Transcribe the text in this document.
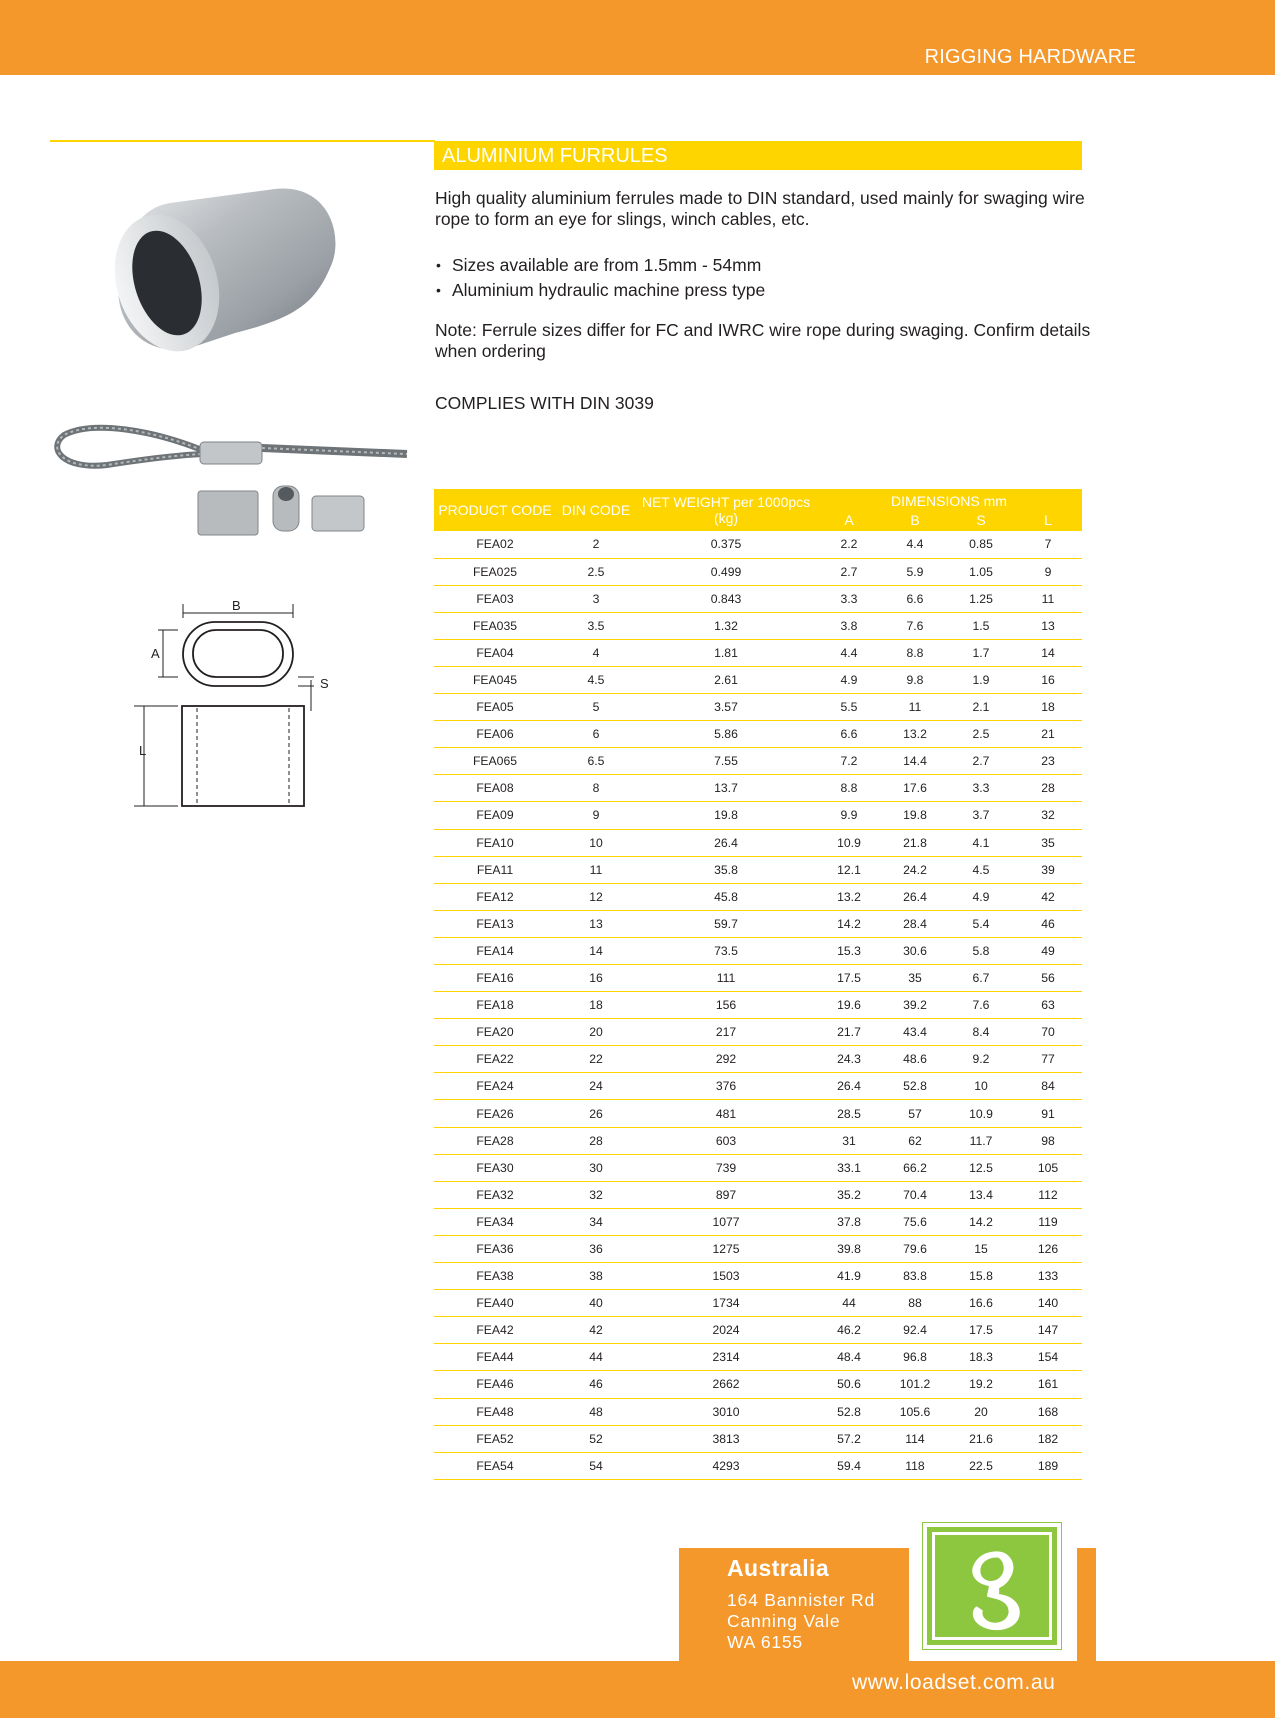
RIGGING HARDWARE
ALUMINIUM FURRULES

High quality aluminium ferrules made to DIN standard, used mainly for swaging wire rope to form an eye for slings, winch cables, etc.

• Sizes available are from 1.5mm - 54mm
• Aluminium hydraulic machine press type

Note: Ferrule sizes differ for FC and IWRC wire rope during swaging. Confirm details when ordering

COMPLIES WITH DIN 3039

B
A
S
L
PRODUCT CODE	DIN CODE	NET WEIGHT per 1000pcs (kg)	DIMENSIONS mm			
			A	B	S	L
FEA02	2	0.375	2.2	4.4	0.85	7
FEA025	2.5	0.499	2.7	5.9	1.05	9
FEA03	3	0.843	3.3	6.6	1.25	11
FEA035	3.5	1.32	3.8	7.6	1.5	13
FEA04	4	1.81	4.4	8.8	1.7	14
FEA045	4.5	2.61	4.9	9.8	1.9	16
FEA05	5	3.57	5.5	11	2.1	18
FEA06	6	5.86	6.6	13.2	2.5	21
FEA065	6.5	7.55	7.2	14.4	2.7	23
FEA08	8	13.7	8.8	17.6	3.3	28
FEA09	9	19.8	9.9	19.8	3.7	32
FEA10	10	26.4	10.9	21.8	4.1	35
FEA11	11	35.8	12.1	24.2	4.5	39
FEA12	12	45.8	13.2	26.4	4.9	42
FEA13	13	59.7	14.2	28.4	5.4	46
FEA14	14	73.5	15.3	30.6	5.8	49
FEA16	16	111	17.5	35	6.7	56
FEA18	18	156	19.6	39.2	7.6	63
FEA20	20	217	21.7	43.4	8.4	70
FEA22	22	292	24.3	48.6	9.2	77
FEA24	24	376	26.4	52.8	10	84
FEA26	26	481	28.5	57	10.9	91
FEA28	28	603	31	62	11.7	98
FEA30	30	739	33.1	66.2	12.5	105
FEA32	32	897	35.2	70.4	13.4	112
FEA34	34	1077	37.8	75.6	14.2	119
FEA36	36	1275	39.8	79.6	15	126
FEA38	38	1503	41.9	83.8	15.8	133
FEA40	40	1734	44	88	16.6	140
FEA42	42	2024	46.2	92.4	17.5	147
FEA44	44	2314	48.4	96.8	18.3	154
FEA46	46	2662	50.6	101.2	19.2	161
FEA48	48	3010	52.8	105.6	20	168
FEA52	52	3813	57.2	114	21.6	182
FEA54	54	4293	59.4	118	22.5	189
Australia
164 Bannister Rd
Canning Vale
WA 6155
www.loadset.com.au
